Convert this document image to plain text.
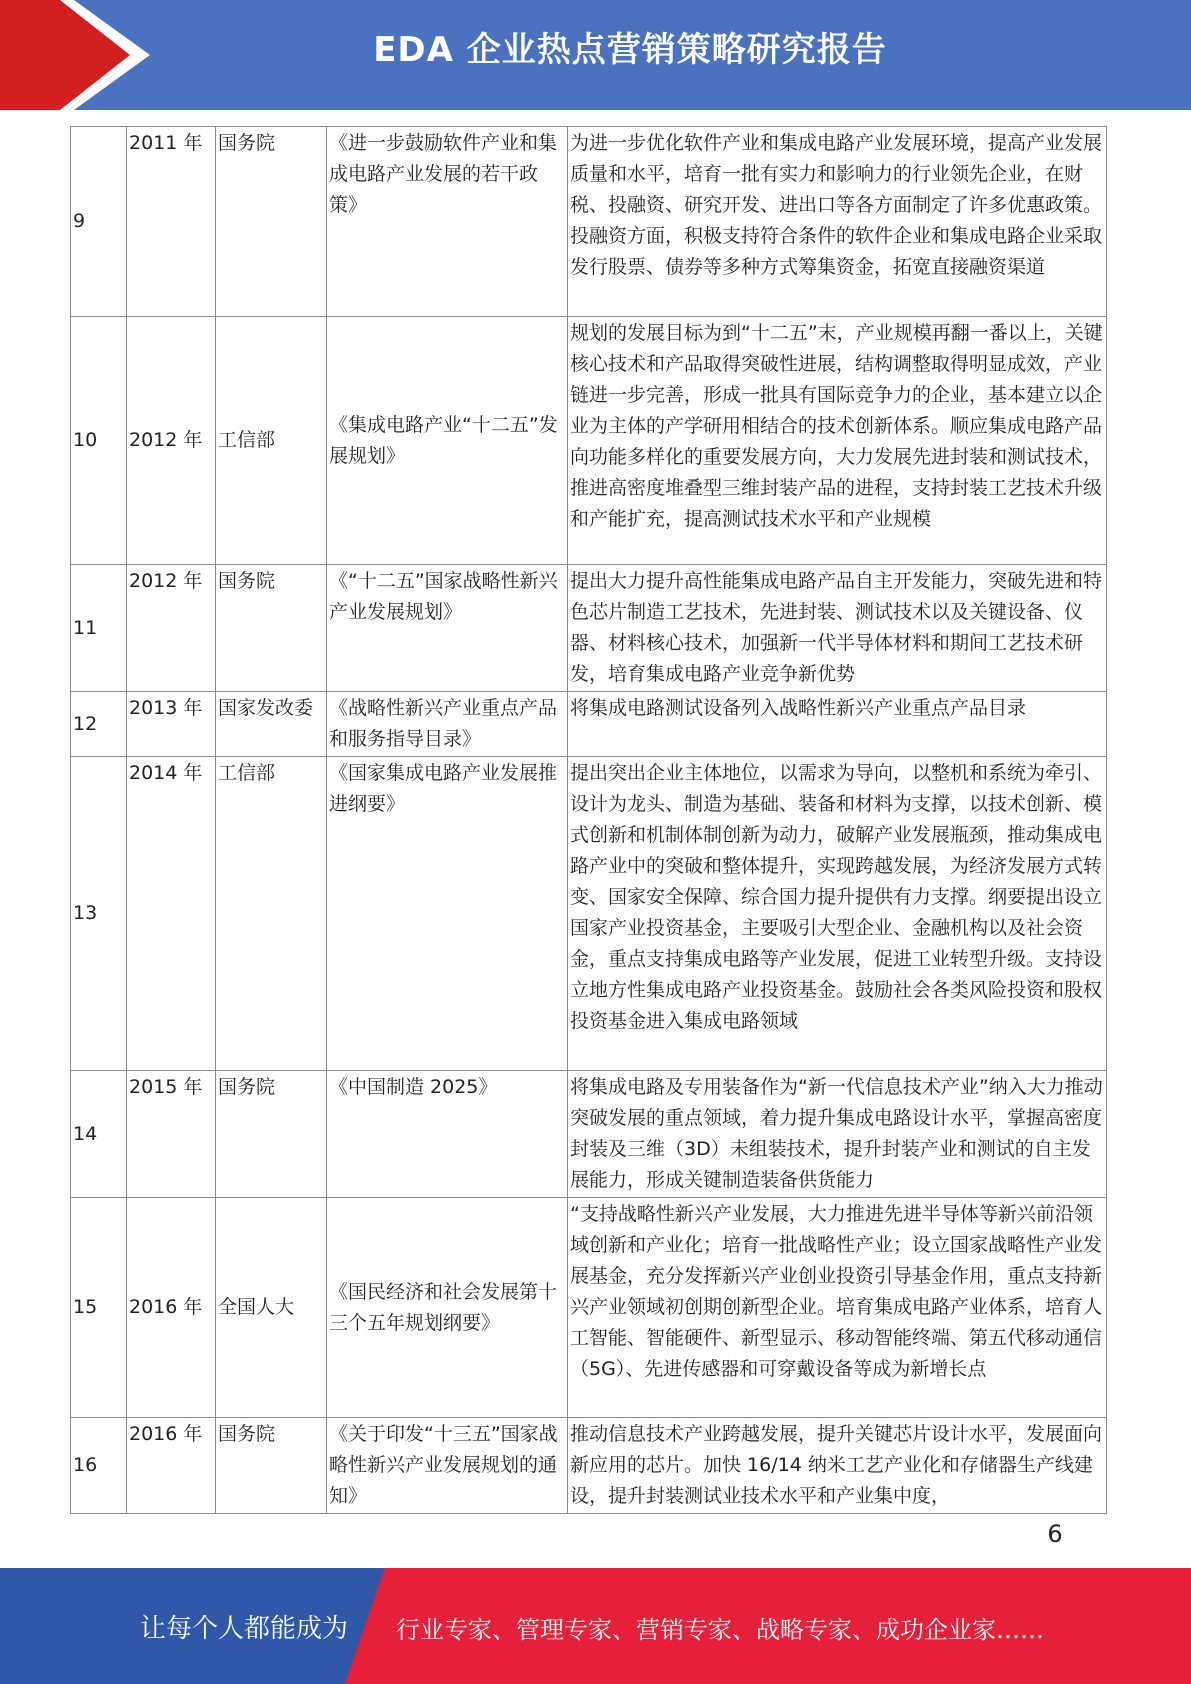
EDA 企业热点营销策略研究报告
9	2011 年	国务院	《进一步鼓励软件产业和集成电路产业发展的若干政策》	为进一步优化软件产业和集成电路产业发展环境，提高产业发展质量和水平，培育一批有实力和影响力的行业领先企业，在财税、投融资、研究开发、进出口等各方面制定了许多优惠政策。投融资方面，积极支持符合条件的软件企业和集成电路企业采取发行股票、债券等多种方式筹集资金，拓宽直接融资渠道
10	2012 年	工信部	《集成电路产业“十二五”发展规划》	规划的发展目标为到“十二五”末，产业规模再翻一番以上，关键核心技术和产品取得突破性进展，结构调整取得明显成效，产业链进一步完善，形成一批具有国际竞争力的企业，基本建立以企业为主体的产学研用相结合的技术创新体系。顺应集成电路产品向功能多样化的重要发展方向，大力发展先进封装和测试技术，推进高密度堆叠型三维封装产品的进程，支持封装工艺技术升级和产能扩充，提高测试技术水平和产业规模
11	2012 年	国务院	《“十二五”国家战略性新兴产业发展规划》	提出大力提升高性能集成电路产品自主开发能力，突破先进和特色芯片制造工艺技术，先进封装、测试技术以及关键设备、仪器、材料核心技术，加强新一代半导体材料和期间工艺技术研发，培育集成电路产业竞争新优势
12	2013 年	国家发改委	《战略性新兴产业重点产品和服务指导目录》	将集成电路测试设备列入战略性新兴产业重点产品目录
13	2014 年	工信部	《国家集成电路产业发展推进纲要》	提出突出企业主体地位，以需求为导向，以整机和系统为牵引、设计为龙头、制造为基础、装备和材料为支撑，以技术创新、模式创新和机制体制创新为动力，破解产业发展瓶颈，推动集成电路产业中的突破和整体提升，实现跨越发展，为经济发展方式转变、国家安全保障、综合国力提升提供有力支撑。纲要提出设立国家产业投资基金，主要吸引大型企业、金融机构以及社会资金，重点支持集成电路等产业发展，促进工业转型升级。支持设立地方性集成电路产业投资基金。鼓励社会各类风险投资和股权投资基金进入集成电路领域
14	2015 年	国务院	《中国制造 2025》	将集成电路及专用装备作为“新一代信息技术产业”纳入大力推动突破发展的重点领域，着力提升集成电路设计水平，掌握高密度封装及三维（3D）未组装技术，提升封装产业和测试的自主发展能力，形成关键制造装备供货能力
15	2016 年	全国人大	《国民经济和社会发展第十三个五年规划纲要》	“支持战略性新兴产业发展，大力推进先进半导体等新兴前沿领域创新和产业化；培育一批战略性产业；设立国家战略性产业发展基金，充分发挥新兴产业创业投资引导基金作用，重点支持新兴产业领域初创期创新型企业。培育集成电路产业体系，培育人工智能、智能硬件、新型显示、移动智能终端、第五代移动通信（5G）、先进传感器和可穿戴设备等成为新增长点
16	2016 年	国务院	《关于印发“十三五”国家战略性新兴产业发展规划的通知》	推动信息技术产业跨越发展，提升关键芯片设计水平，发展面向新应用的芯片。加快 16/14 纳米工艺产业化和存储器生产线建设，提升封装测试业技术水平和产业集中度，
6
让每个人都能成为 行业专家、管理专家、营销专家、战略专家、成功企业家……
